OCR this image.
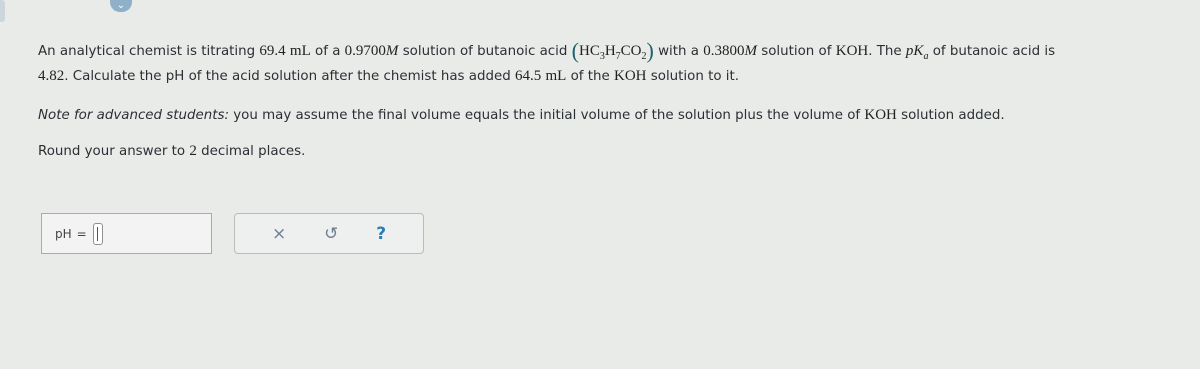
⌄
An analytical chemist is titrating 69.4 mL of a 0.9700M solution of butanoic acid $(HC_3H_7CO_2)$ with a 0.3800M solution of KOH. The $pK_a$ of butanoic acid is
4.82. Calculate the pH of the acid solution after the chemist has added 64.5 mL of the KOH solution to it.
Note for advanced students: you may assume the final volume equals the initial volume of the solution plus the volume of KOH solution added.
Round your answer to 2 decimal places.
pH =	× ↺ ?
